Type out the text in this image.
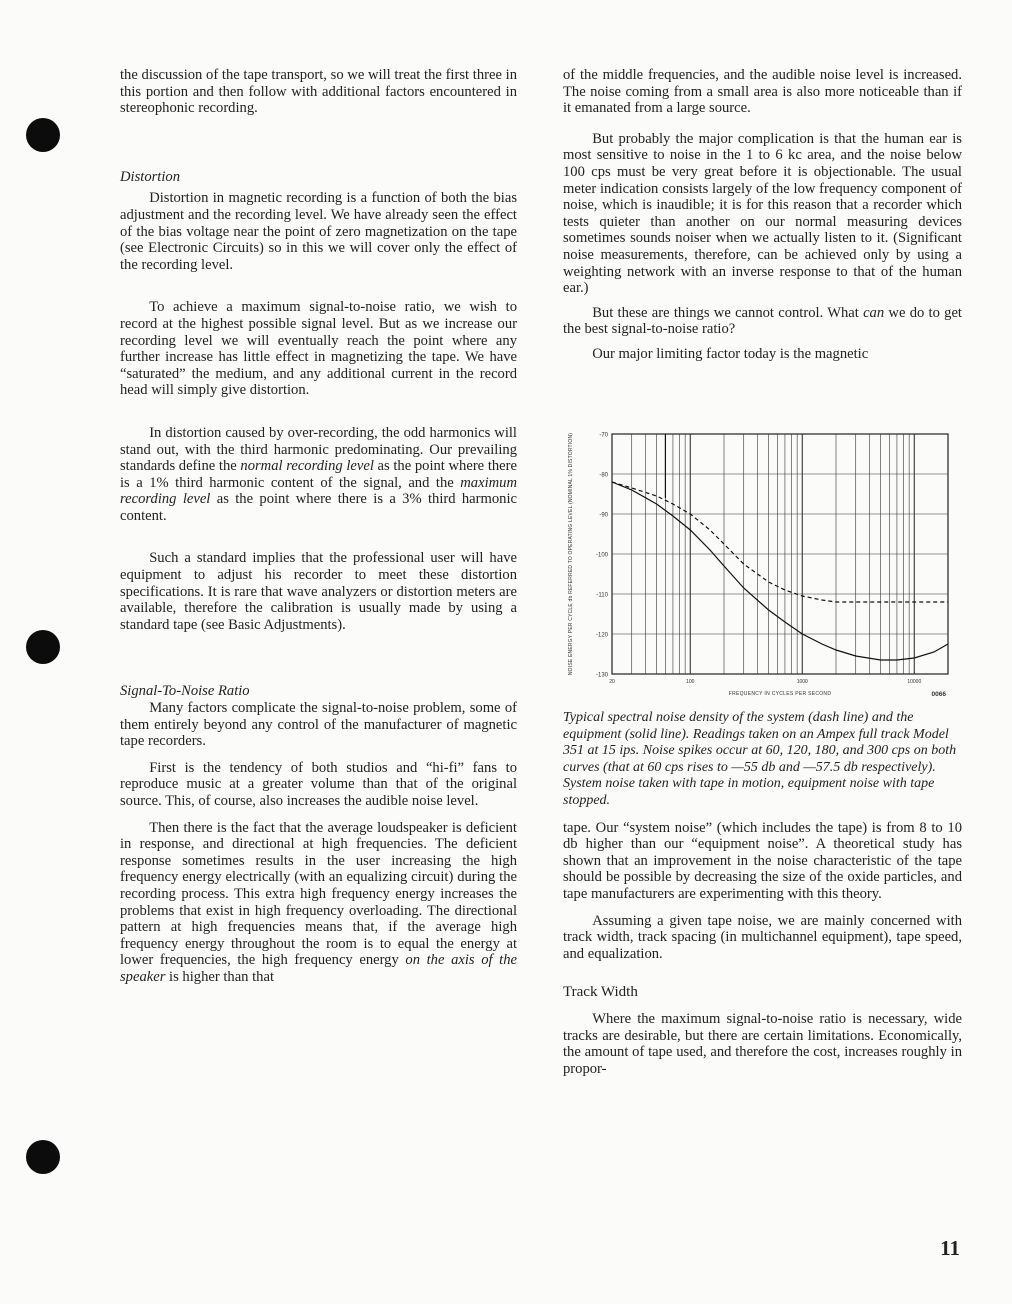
the discussion of the tape transport, so we will treat the first three in this portion and then follow with additional factors encountered in stereophonic recording.

Distortion

Distortion in magnetic recording is a function of both the bias adjustment and the recording level. We have already seen the effect of the bias voltage near the point of zero magnetization on the tape (see Electronic Circuits) so in this we will cover only the effect of the recording level.

To achieve a maximum signal-to-noise ratio, we wish to record at the highest possible signal level. But as we increase our recording level we will eventually reach the point where any further increase has little effect in magnetizing the tape. We have “saturated” the medium, and any additional current in the record head will simply give distortion.

In distortion caused by over-recording, the odd harmonics will stand out, with the third harmonic predominating. Our prevailing standards define the normal recording level as the point where there is a 1% third harmonic content of the signal, and the maximum recording level as the point where there is a 3% third harmonic content.

Such a standard implies that the professional user will have equipment to adjust his recorder to meet these distortion specifications. It is rare that wave analyzers or distortion meters are available, therefore the calibration is usually made by using a standard tape (see Basic Adjustments).

Signal-To-Noise Ratio

Many factors complicate the signal-to-noise problem, some of them entirely beyond any control of the manufacturer of magnetic tape recorders.

First is the tendency of both studios and “hi-fi” fans to reproduce music at a greater volume than that of the original source. This, of course, also increases the audible noise level.

Then there is the fact that the average loudspeaker is deficient in response, and directional at high frequencies. The deficient response sometimes results in the user increasing the high frequency energy electrically (with an equalizing circuit) during the recording process. This extra high frequency energy increases the problems that exist in high frequency overloading. The directional pattern at high frequencies means that, if the average high frequency energy throughout the room is to equal the energy at lower frequencies, the high frequency energy on the axis of the speaker is higher than that

of the middle frequencies, and the audible noise level is increased. The noise coming from a small area is also more noticeable than if it emanated from a large source.

But probably the major complication is that the human ear is most sensitive to noise in the 1 to 6 kc area, and the noise below 100 cps must be very great before it is objectionable. The usual meter indication consists largely of the low frequency component of noise, which is inaudible; it is for this reason that a recorder which tests quieter than another on our normal measuring devices sometimes sounds noiser when we actually listen to it. (Significant noise measurements, therefore, can be achieved only by using a weighting network with an inverse response to that of the human ear.)

But these are things we cannot control. What can we do to get the best signal-to-noise ratio?

Our major limiting factor today is the magnetic

-70
-80
-90
-100
-110
-120
-130
20	100	1000	10000
FREQUENCY IN CYCLES PER SECOND	0066
NOISE ENERGY PER CYCLE db REFERRED TO OPERATING LEVEL (NOMINAL 1% DISTORTION)

Typical spectral noise density of the system (dash line) and the equipment (solid line). Readings taken on an Ampex full track Model 351 at 15 ips. Noise spikes occur at 60, 120, 180, and 300 cps on both curves (that at 60 cps rises to —55 db and —57.5 db respectively). System noise taken with tape in motion, equipment noise with tape stopped.

tape. Our “system noise” (which includes the tape) is from 8 to 10 db higher than our “equipment noise”. A theoretical study has shown that an improvement in the noise characteristic of the tape should be possible by decreasing the size of the oxide particles, and tape manufacturers are experimenting with this theory.

Assuming a given tape noise, we are mainly concerned with track width, track spacing (in multichannel equipment), tape speed, and equalization.

Track Width

Where the maximum signal-to-noise ratio is necessary, wide tracks are desirable, but there are certain limitations. Economically, the amount of tape used, and therefore the cost, increases roughly in propor-

11
